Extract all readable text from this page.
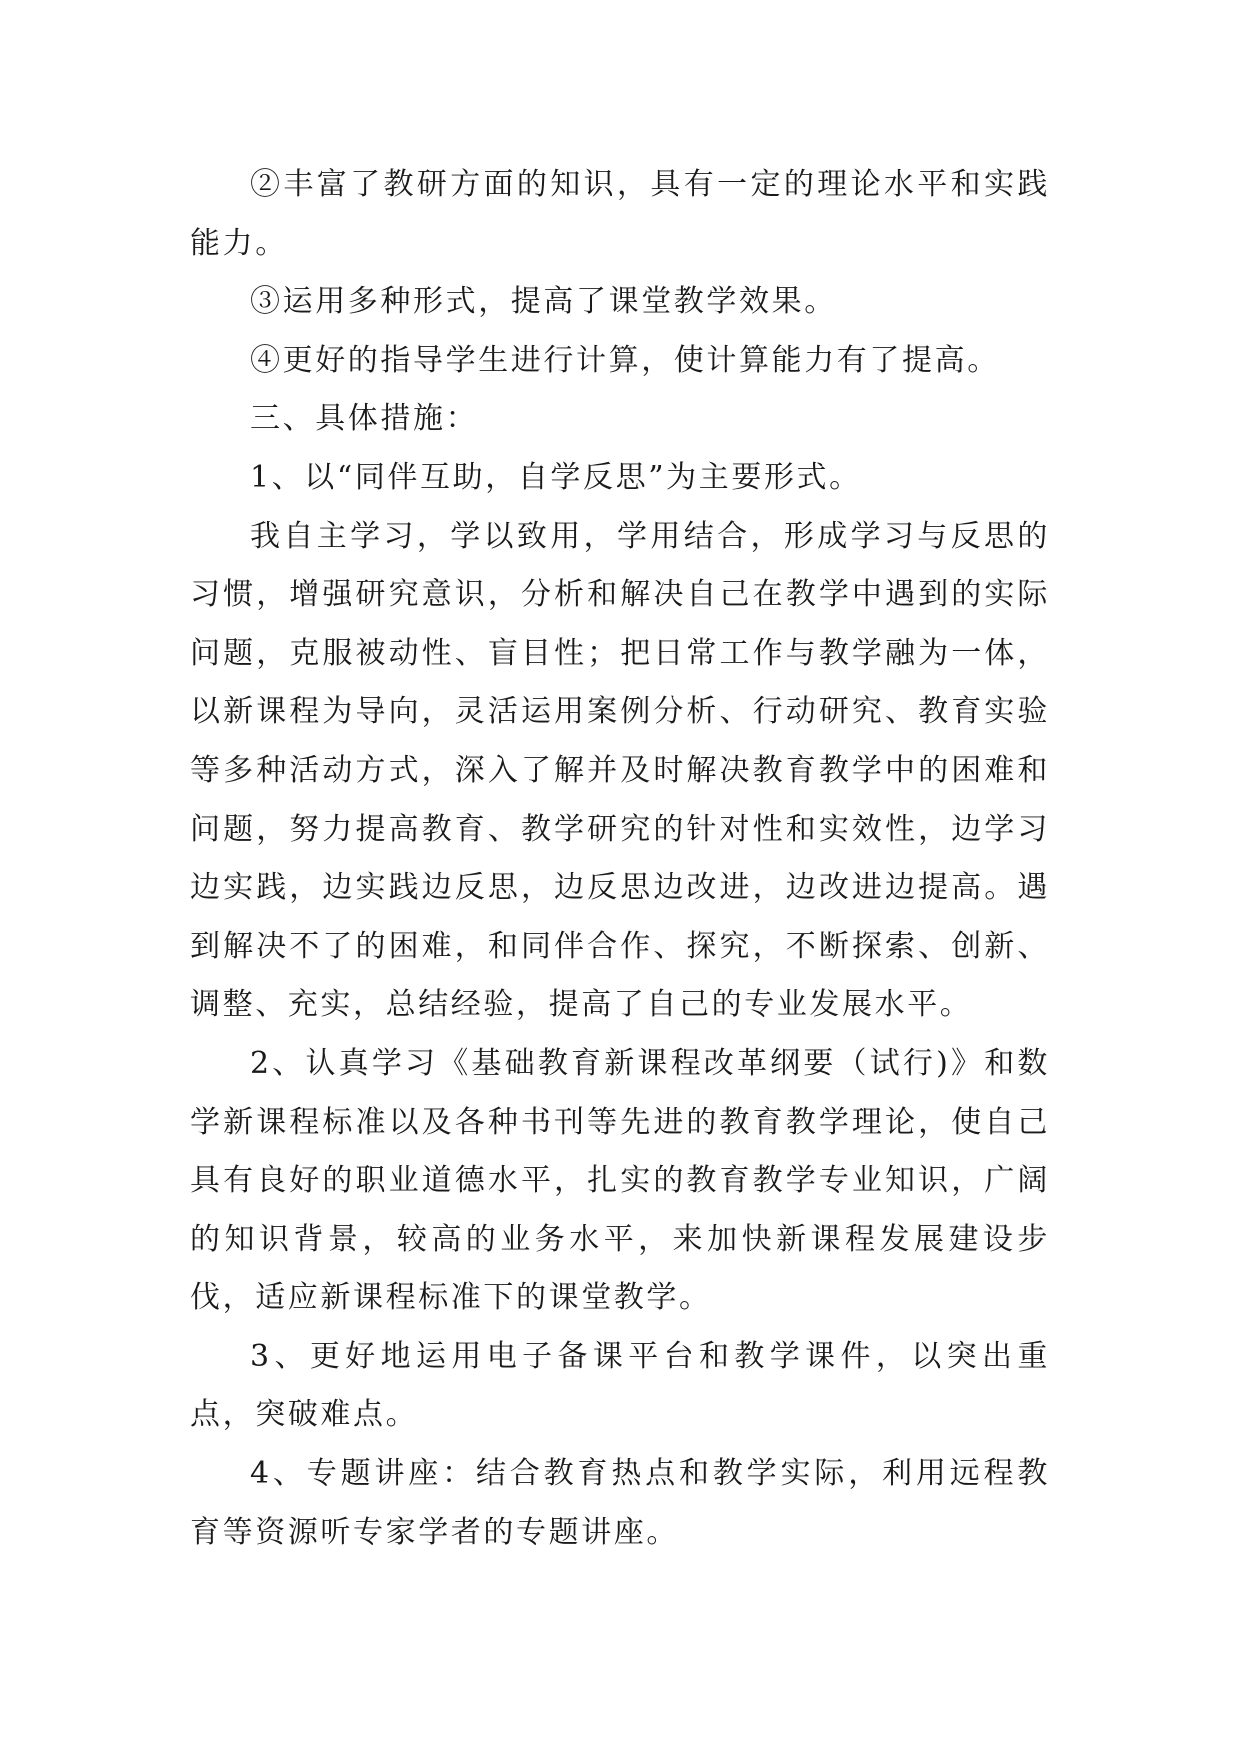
②丰富了教研方面的知识，具有一定的理论水平和实践能力。

③运用多种形式，提高了课堂教学效果。

④更好的指导学生进行计算，使计算能力有了提高。

三、具体措施：

1、以“同伴互助，自学反思”为主要形式。

我自主学习，学以致用，学用结合，形成学习与反思的习惯，增强研究意识，分析和解决自己在教学中遇到的实际问题，克服被动性、盲目性；把日常工作与教学融为一体，以新课程为导向，灵活运用案例分析、行动研究、教育实验等多种活动方式，深入了解并及时解决教育教学中的困难和问题，努力提高教育、教学研究的针对性和实效性，边学习边实践，边实践边反思，边反思边改进，边改进边提高。遇到解决不了的困难，和同伴合作、探究，不断探索、创新、调整、充实，总结经验，提高了自己的专业发展水平。

2、认真学习《基础教育新课程改革纲要（试行)》和数学新课程标准以及各种书刊等先进的教育教学理论，使自己具有良好的职业道德水平，扎实的教育教学专业知识，广阔的知识背景，较高的业务水平，来加快新课程发展建设步伐，适应新课程标准下的课堂教学。

3、更好地运用电子备课平台和教学课件，以突出重点，突破难点。

4、专题讲座：结合教育热点和教学实际，利用远程教育等资源听专家学者的专题讲座。
